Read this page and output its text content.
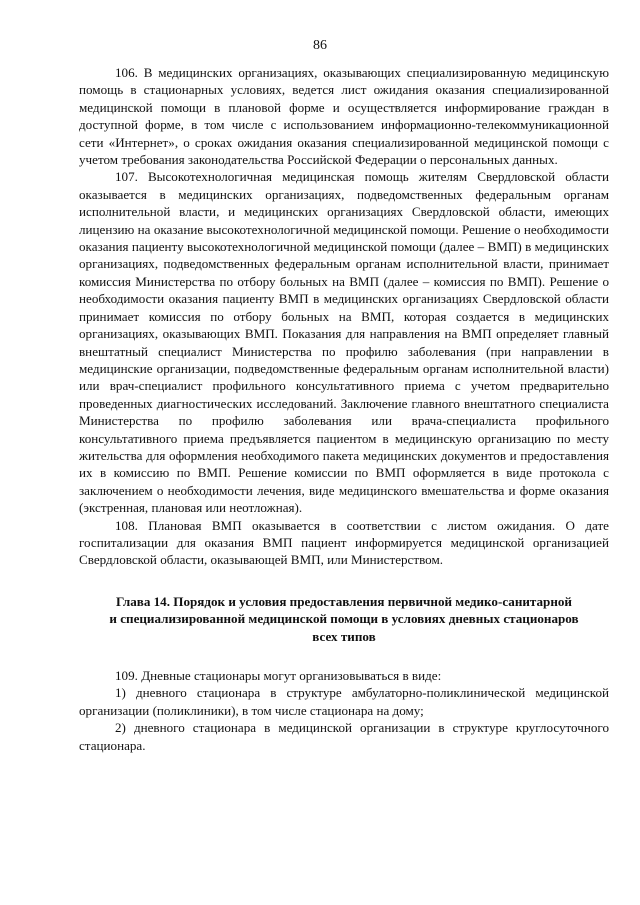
86

106. В медицинских организациях, оказывающих специализированную медицинскую помощь в стационарных условиях, ведется лист ожидания оказания специализированной медицинской помощи в плановой форме и осуществляется информирование граждан в доступной форме, в том числе с использованием информационно-телекоммуникационной сети «Интернет», о сроках ожидания оказания специализированной медицинской помощи с учетом требования законодательства Российской Федерации о персональных данных.

107. Высокотехнологичная медицинская помощь жителям Свердловской области оказывается в медицинских организациях, подведомственных федеральным органам исполнительной власти, и медицинских организациях Свердловской области, имеющих лицензию на оказание высокотехнологичной медицинской помощи. Решение о необходимости оказания пациенту высокотехнологичной медицинской помощи (далее – ВМП) в медицинских организациях, подведомственных федеральным органам исполнительной власти, принимает комиссия Министерства по отбору больных на ВМП (далее – комиссия по ВМП). Решение о необходимости оказания пациенту ВМП в медицинских организациях Свердловской области принимает комиссия по отбору больных на ВМП, которая создается в медицинских организациях, оказывающих ВМП. Показания для направления на ВМП определяет главный внештатный специалист Министерства по профилю заболевания (при направлении в медицинские организации, подведомственные федеральным органам исполнительной власти) или врач-специалист профильного консультативного приема с учетом предварительно проведенных диагностических исследований. Заключение главного внештатного специалиста Министерства по профилю заболевания или врача-специалиста профильного консультативного приема предъявляется пациентом в медицинскую организацию по месту жительства для оформления необходимого пакета медицинских документов и предоставления их в комиссию по ВМП. Решение комиссии по ВМП оформляется в виде протокола с заключением о необходимости лечения, виде медицинского вмешательства и форме оказания (экстренная, плановая или неотложная).

108. Плановая ВМП оказывается в соответствии с листом ожидания. О дате госпитализации для оказания ВМП пациент информируется медицинской организацией Свердловской области, оказывающей ВМП, или Министерством.

Глава 14. Порядок и условия предоставления первичной медико-санитарной
и специализированной медицинской помощи в условиях дневных стационаров
всех типов

109. Дневные стационары могут организовываться в виде:

1) дневного стационара в структуре амбулаторно-поликлинической медицинской организации (поликлиники), в том числе стационара на дому;

2) дневного стационара в медицинской организации в структуре круглосуточного стационара.
